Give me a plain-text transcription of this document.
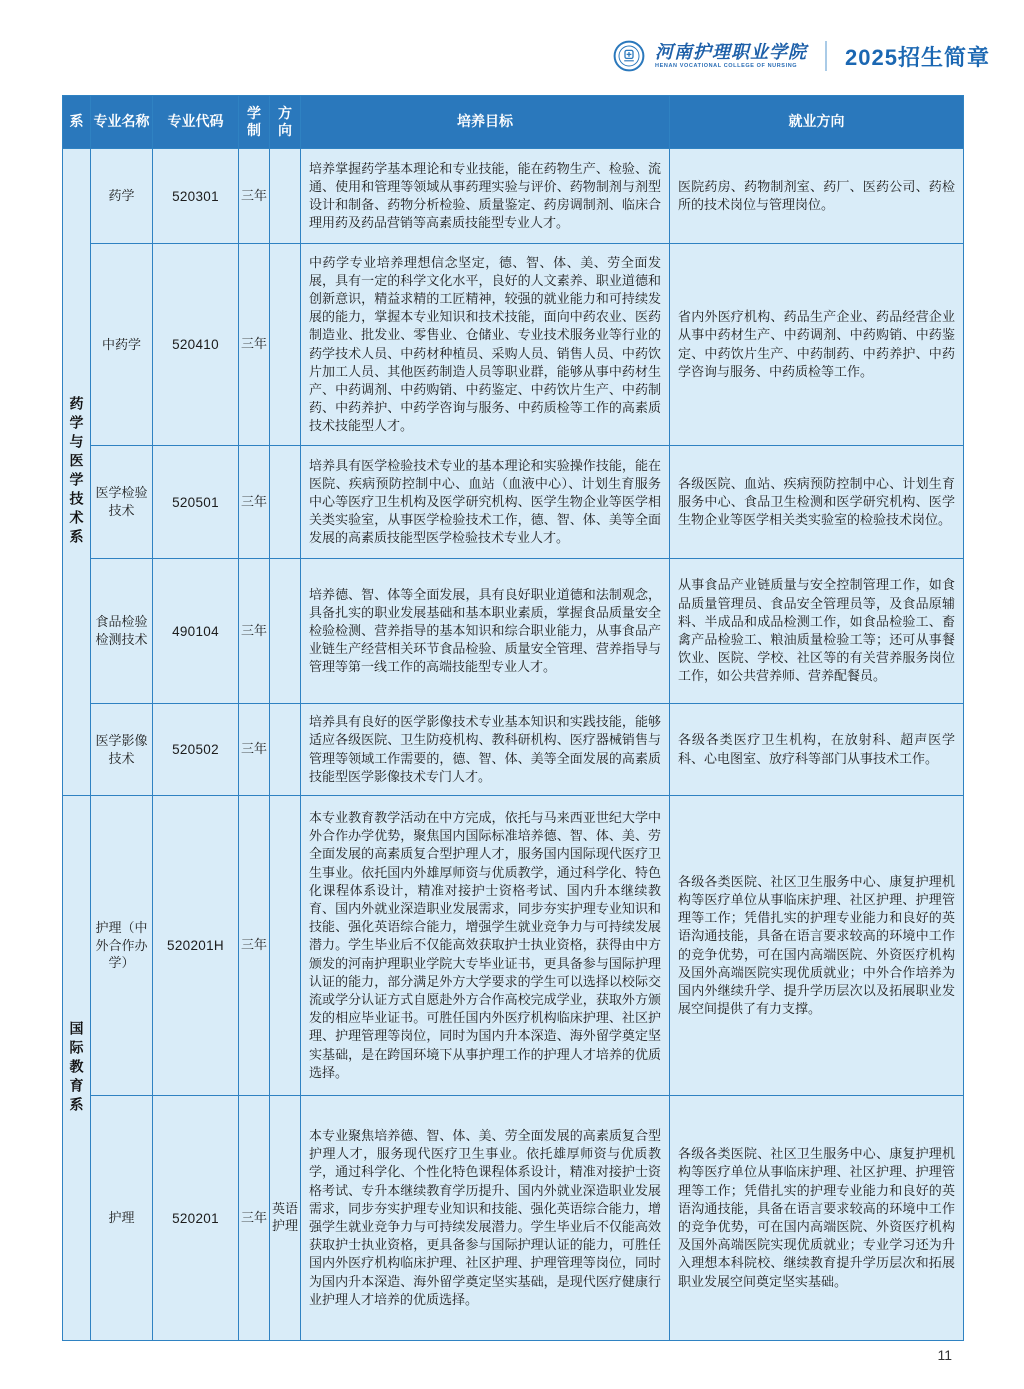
河南护理职业学院
HENAN VOCATIONAL COLLEGE OF NURSING	2025招生简章
系	专业名称	专业代码	学制	方向	培养目标	就业方向

药学与医学技术系	药学	520301	三年		培养掌握药学基本理论和专业技能，能在药物生产、检验、流通、使用和管理等领域从事药理实验与评价、药物制剂与剂型设计和制备、药物分析检验、质量鉴定、药房调制剂、临床合理用药及药品营销等高素质技能型专业人才。	医院药房、药物制剂室、药厂、医药公司、药检所的技术岗位与管理岗位。
	中药学	520410	三年		中药学专业培养理想信念坚定，德、智、体、美、劳全面发展，具有一定的科学文化水平，良好的人文素养、职业道德和创新意识，精益求精的工匠精神，较强的就业能力和可持续发展的能力，掌握本专业知识和技术技能，面向中药农业、医药制造业、批发业、零售业、仓储业、专业技术服务业等行业的药学技术人员、中药材种植员、采购人员、销售人员、中药饮片加工人员、其他医药制造人员等职业群，能够从事中药材生产、中药调剂、中药购销、中药鉴定、中药饮片生产、中药制药、中药养护、中药学咨询与服务、中药质检等工作的高素质技术技能型人才。	省内外医疗机构、药品生产企业、药品经营企业从事中药材生产、中药调剂、中药购销、中药鉴定、中药饮片生产、中药制药、中药养护、中药学咨询与服务、中药质检等工作。
	医学检验技术	520501	三年		培养具有医学检验技术专业的基本理论和实验操作技能，能在医院、疾病预防控制中心、血站（血液中心）、计划生育服务中心等医疗卫生机构及医学研究机构、医学生物企业等医学相关类实验室，从事医学检验技术工作，德、智、体、美等全面发展的高素质技能型医学检验技术专业人才。	各级医院、血站、疾病预防控制中心、计划生育服务中心、食品卫生检测和医学研究机构、医学生物企业等医学相关类实验室的检验技术岗位。
	食品检验检测技术	490104	三年		培养德、智、体等全面发展，具有良好职业道德和法制观念，具备扎实的职业发展基础和基本职业素质，掌握食品质量安全检验检测、营养指导的基本知识和综合职业能力，从事食品产业链生产经营相关环节食品检验、质量安全管理、营养指导与管理等第一线工作的高端技能型专业人才。	从事食品产业链质量与安全控制管理工作，如食品质量管理员、食品安全管理员等，及食品原辅料、半成品和成品检测工作，如食品检验工、畜禽产品检验工、粮油质量检验工等；还可从事餐饮业、医院、学校、社区等的有关营养服务岗位工作，如公共营养师、营养配餐员。
	医学影像技术	520502	三年		培养具有良好的医学影像技术专业基本知识和实践技能，能够适应各级医院、卫生防疫机构、教科研机构、医疗器械销售与管理等领域工作需要的，德、智、体、美等全面发展的高素质技能型医学影像技术专门人才。	各级各类医疗卫生机构，在放射科、超声医学科、心电图室、放疗科等部门从事技术工作。

国际教育系	护理（中外合作办学）	520201H	三年		本专业教育教学活动在中方完成，依托与马来西亚世纪大学中外合作办学优势，聚焦国内国际标准培养德、智、体、美、劳全面发展的高素质复合型护理人才，服务国内国际现代医疗卫生事业。依托国内外雄厚师资与优质教学，通过科学化、特色化课程体系设计，精准对接护士资格考试、国内升本继续教育、国内外就业深造职业发展需求，同步夯实护理专业知识和技能、强化英语综合能力，增强学生就业竞争力与可持续发展潜力。学生毕业后不仅能高效获取护士执业资格，获得由中方颁发的河南护理职业学院大专毕业证书，更具备参与国际护理认证的能力，部分满足外方大学要求的学生可以选择以校际交流或学分认证方式自愿赴外方合作高校完成学业，获取外方颁发的相应毕业证书。可胜任国内外医疗机构临床护理、社区护理、护理管理等岗位，同时为国内升本深造、海外留学奠定坚实基础，是在跨国环境下从事护理工作的护理人才培养的优质选择。	各级各类医院、社区卫生服务中心、康复护理机构等医疗单位从事临床护理、社区护理、护理管理等工作；凭借扎实的护理专业能力和良好的英语沟通技能，具备在语言要求较高的环境中工作的竞争优势，可在国内高端医院、外资医疗机构及国外高端医院实现优质就业；中外合作培养为国内外继续升学、提升学历层次以及拓展职业发展空间提供了有力支撑。
	护理	520201	三年	英语护理	本专业聚焦培养德、智、体、美、劳全面发展的高素质复合型护理人才，服务现代医疗卫生事业。依托雄厚师资与优质教学，通过科学化、个性化特色课程体系设计，精准对接护士资格考试、专升本继续教育学历提升、国内外就业深造职业发展需求，同步夯实护理专业知识和技能、强化英语综合能力，增强学生就业竞争力与可持续发展潜力。学生毕业后不仅能高效获取护士执业资格，更具备参与国际护理认证的能力，可胜任国内外医疗机构临床护理、社区护理、护理管理等岗位，同时为国内升本深造、海外留学奠定坚实基础，是现代医疗健康行业护理人才培养的优质选择。	各级各类医院、社区卫生服务中心、康复护理机构等医疗单位从事临床护理、社区护理、护理管理等工作；凭借扎实的护理专业能力和良好的英语沟通技能，具备在语言要求较高的环境中工作的竞争优势，可在国内高端医院、外资医疗机构及国外高端医院实现优质就业；专业学习还为升入理想本科院校、继续教育提升学历层次和拓展职业发展空间奠定坚实基础。
11
